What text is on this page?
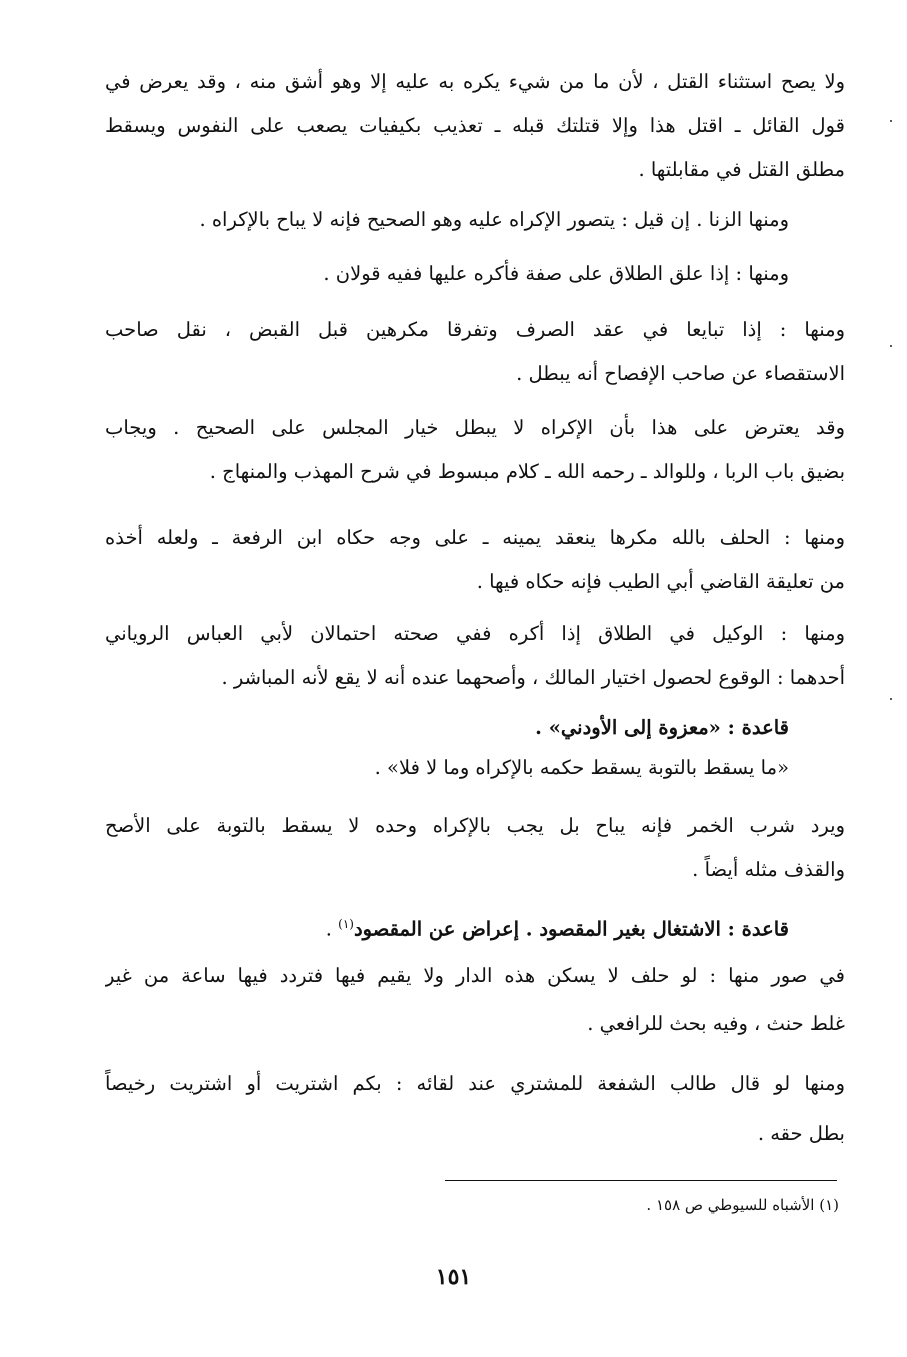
ولا يصح استثناء القتل ، لأن ما من شيء يكره به عليه إلا وهو أشق منه ، وقد يعرض في
قول القائل ـ اقتل هذا وإلا قتلتك قبله ـ تعذيب بكيفيات يصعب على النفوس ويسقط
مطلق القتل في مقابلتها .
ومنها الزنا . إن قيل : يتصور الإكراه عليه وهو الصحيح فإنه لا يباح بالإكراه .
ومنها : إذا علق الطلاق على صفة فأكره عليها ففيه قولان .
ومنها : إذا تبايعا في عقد الصرف وتفرقا مكرهين قبل القبض ، نقل صاحب
الاستقصاء عن صاحب الإفصاح أنه يبطل .
وقد يعترض على هذا بأن الإكراه لا يبطل خيار المجلس على الصحيح . ويجاب
بضيق باب الربا ، وللوالد ـ رحمه الله ـ كلام مبسوط في شرح المهذب والمنهاج .
ومنها : الحلف بالله مكرها ينعقد يمينه ـ على وجه حكاه ابن الرفعة ـ ولعله أخذه
من تعليقة القاضي أبي الطيب فإنه حكاه فيها .
ومنها : الوكيل في الطلاق إذا أكره ففي صحته احتمالان لأبي العباس الروياني
أحدهما : الوقوع لحصول اختيار المالك ، وأصحهما عنده أنه لا يقع لأنه المباشر .
قاعدة : «معزوة إلى الأودني» .
«ما يسقط بالتوبة يسقط حكمه بالإكراه وما لا فلا» .
ويرد شرب الخمر فإنه يباح بل يجب بالإكراه وحده لا يسقط بالتوبة على الأصح
والقذف مثله أيضاً .
قاعدة : الاشتغال بغير المقصود . إعراض عن المقصود$^{(١)}$ .
في صور منها : لو حلف لا يسكن هذه الدار ولا يقيم فيها فتردد فيها ساعة من غير
غلط حنث ، وفيه بحث للرافعي .
ومنها لو قال طالب الشفعة للمشتري عند لقائه : بكم اشتريت أو اشتريت رخيصاً
بطل حقه .
(١) الأشباه للسيوطي ص ١٥٨ .
١٥١
